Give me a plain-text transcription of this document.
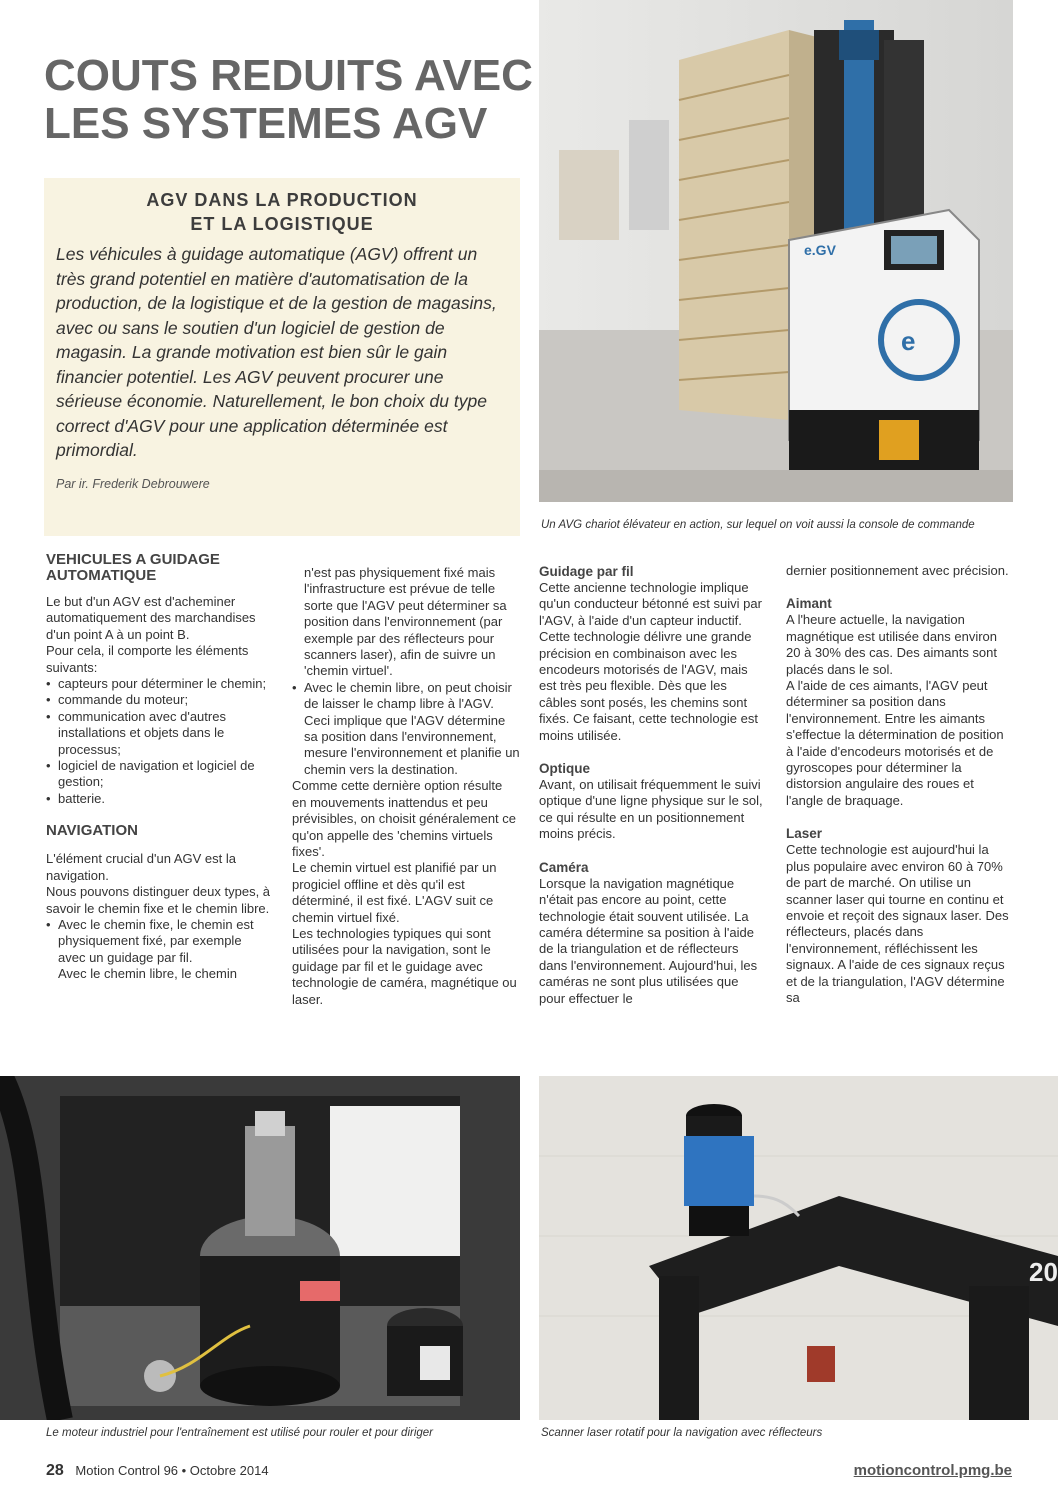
COUTS REDUITS AVEC
LES SYSTEMES AGV
e
e.GV
AGV DANS LA PRODUCTION
ET LA LOGISTIQUE

Les véhicules à guidage automatique (AGV) offrent un très grand potentiel en matière d'automatisation de la production, de la logistique et de la gestion de magasins, avec ou sans le soutien d'un logiciel de gestion de magasin. La grande motivation est bien sûr le gain financier potentiel. Les AGV peuvent procurer une sérieuse économie. Naturellement, le bon choix du type correct d'AGV pour une application déterminée est primordial.

Par ir. Frederik Debrouwere

Un AVG chariot élévateur en action, sur lequel on voit aussi la console de commande
VEHICULES A GUIDAGE AUTOMATIQUE

Le but d'un AGV est d'acheminer automatiquement des marchandises d'un point A à un point B.

Pour cela, il comporte les éléments suivants:

• capteurs pour déterminer le chemin;
• commande du moteur;
• communication avec d'autres installations et objets dans le processus;
• logiciel de navigation et logiciel de gestion;
• batterie.
NAVIGATION

L'élément crucial d'un AGV est la navigation.

Nous pouvons distinguer deux types, à savoir le chemin fixe et le chemin libre.

• Avec le chemin fixe, le chemin est physiquement fixé, par exemple avec un guidage par fil.

Avec le chemin libre, le chemin

n'est pas physiquement fixé mais l'infrastructure est prévue de telle sorte que l'AGV peut déterminer sa position dans l'environnement (par exemple par des réflecteurs pour scanners laser), afin de suivre un 'chemin virtuel'.

• Avec le chemin libre, on peut choisir de laisser le champ libre à l'AGV. Ceci implique que l'AGV détermine sa position dans l'environnement, mesure l'environnement et planifie un chemin vers la destination.

Comme cette dernière option résulte en mouvements inattendus et peu prévisibles, on choisit généralement ce qu'on appelle des 'chemins virtuels fixes'.

Le chemin virtuel est planifié par un progiciel offline et dès qu'il est déterminé, il est fixé. L'AGV suit ce chemin virtuel fixé.

Les technologies typiques qui sont utilisées pour la navigation, sont le guidage par fil et le guidage avec technologie de caméra, magnétique ou laser.

Guidage par fil

Cette ancienne technologie implique qu'un conducteur bétonné est suivi par l'AGV, à l'aide d'un capteur inductif. Cette technologie délivre une grande précision en combinaison avec les encodeurs motorisés de l'AGV, mais est très peu flexible. Dès que les câbles sont posés, les chemins sont fixés. Ce faisant, cette technologie est moins utilisée.

Optique

Avant, on utilisait fréquemment le suivi optique d'une ligne physique sur le sol, ce qui résulte en un positionnement moins précis.

Caméra

Lorsque la navigation magnétique n'était pas encore au point, cette technologie était souvent utilisée. La caméra détermine sa position à l'aide de la triangulation et de réflecteurs dans l'environnement. Aujourd'hui, les caméras ne sont plus utilisées que pour effectuer le

dernier positionnement avec précision.

Aimant

A l'heure actuelle, la navigation magnétique est utilisée dans environ 20 à 30% des cas. Des aimants sont placés dans le sol.

A l'aide de ces aimants, l'AGV peut déterminer sa position dans l'environnement. Entre les aimants s'effectue la détermination de position à l'aide d'encodeurs motorisés et de gyroscopes pour déterminer la distorsion angulaire des roues et l'angle de braquage.

Laser

Cette technologie est aujourd'hui la plus populaire avec environ 60 à 70% de part de marché. On utilise un scanner laser qui tourne en continu et envoie et reçoit des signaux laser. Des réflecteurs, placés dans l'environnement, réfléchissent les signaux. A l'aide de ces signaux reçus et de la triangulation, l'AGV détermine sa

Le moteur industriel pour l'entraînement est utilisé pour rouler et pour diriger
20
Scanner laser rotatif pour la navigation avec réflecteurs
28 Motion Control 96 • Octobre 2014	motioncontrol.pmg.be
